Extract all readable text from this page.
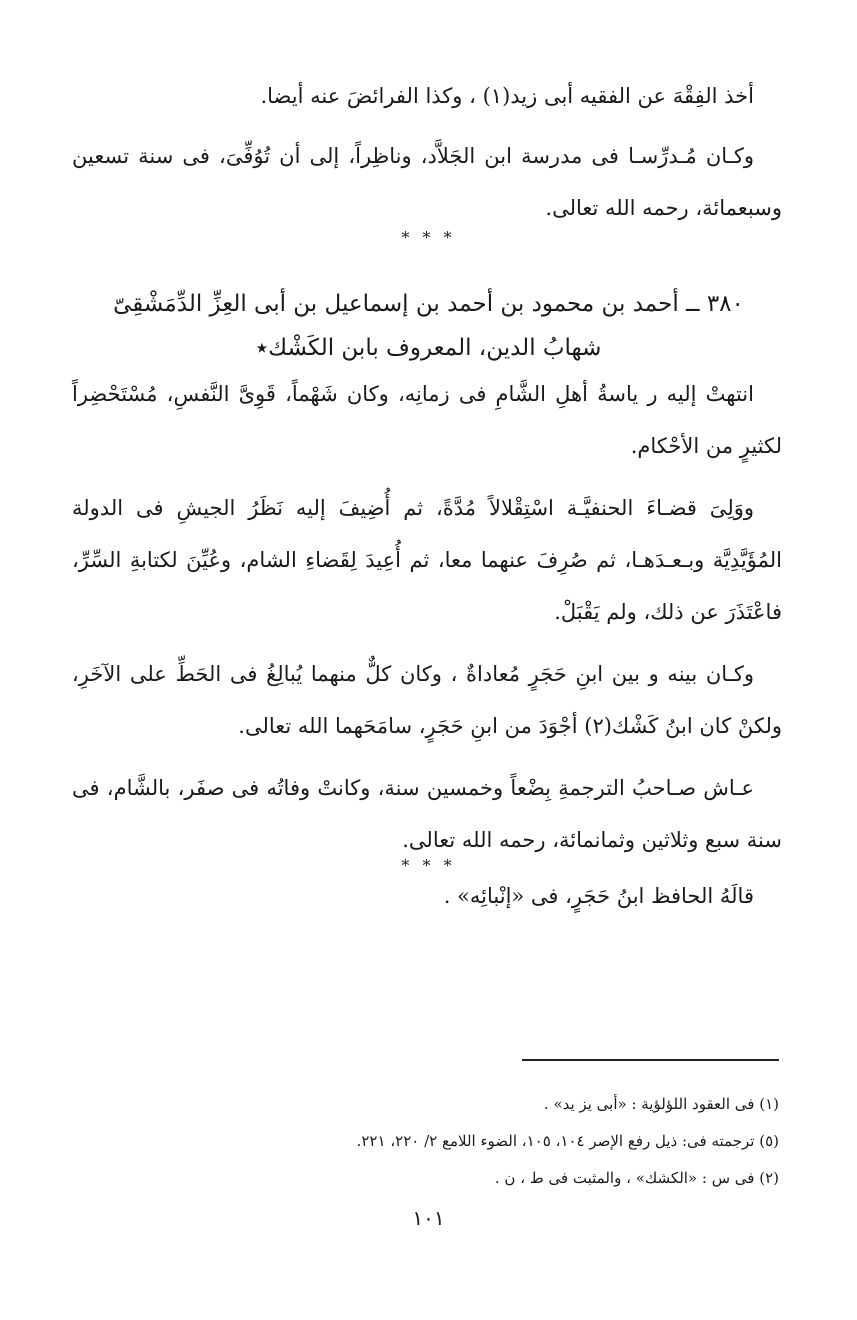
أخذ الفِقْهَ عن الفقيه أبى زيد(١) ، وكذا الفرائضَ عنه أيضا.

وكـان مُـدرِّسـا فى مدرسة ابن الجَلاَّد، وناظِراً، إلى أن تُوُفِّىَ، فى سنة تسعين وسبعمائة، رحمه الله تعالى.

* * *
٣٨٠ ــ أحمد بن محمود بن أحمد بن إسماعيل بن أبى العِزِّ الدِّمَشْقِىّ
شهابُ الدين، المعروف بابن الكَشْك٭

انتهتْ إليه ر ياسةُ أهلِ الشَّامِ فى زمانِه، وكان شَهْماً، قَوِىَّ النَّفسِ، مُسْتَحْضِراً لكثيرٍ من الأحْكام.

ووَلِىَ قضـاءَ الحنفيَّـة اسْتِقْلالاً مُدَّةً، ثم أُضِيفَ إليه نَظَرُ الجيشِ فى الدولة المُؤَيَّدِيَّة وبـعـدَهـا، ثم صُرِفَ عنهما معا، ثم أُعِيدَ لِقَضاءِ الشام، وعُيِّنَ لكتابةِ السِّرِّ، فاعْتَذَرَ عن ذلك، ولم يَقْبَلْ.

وكـان بينه و بين ابنِ حَجَرٍ مُعاداةٌ ، وكان كلٌّ منهما يُبالِغُ فى الحَطِّ على الآخَرِ، ولكنْ كان ابنُ كَشْك(٢) أجْوَدَ من ابنِ حَجَرٍ، سامَحَهما الله تعالى.

عـاش صـاحبُ الترجمةِ بِضْعاً وخمسين سنة، وكانتْ وفاتُه فى صفَر، بالشَّام، فى سنة سبع وثلاثين وثمانمائة، رحمه الله تعالى.

قالَهُ الحافظ ابنُ حَجَرٍ، فى «إنْبائِه» .

* * *

(١) فى العقود اللؤلؤية : «أبى يز يد» .

(٥) ترجمته فى: ذيل رفع الإصر ١٠٤، ١٠٥، الضوء اللامع ٢/ ٢٢٠، ٢٢١.

(٢) فى س : «الكشك» ، والمثبت فى ط ، ن .

١٠١
